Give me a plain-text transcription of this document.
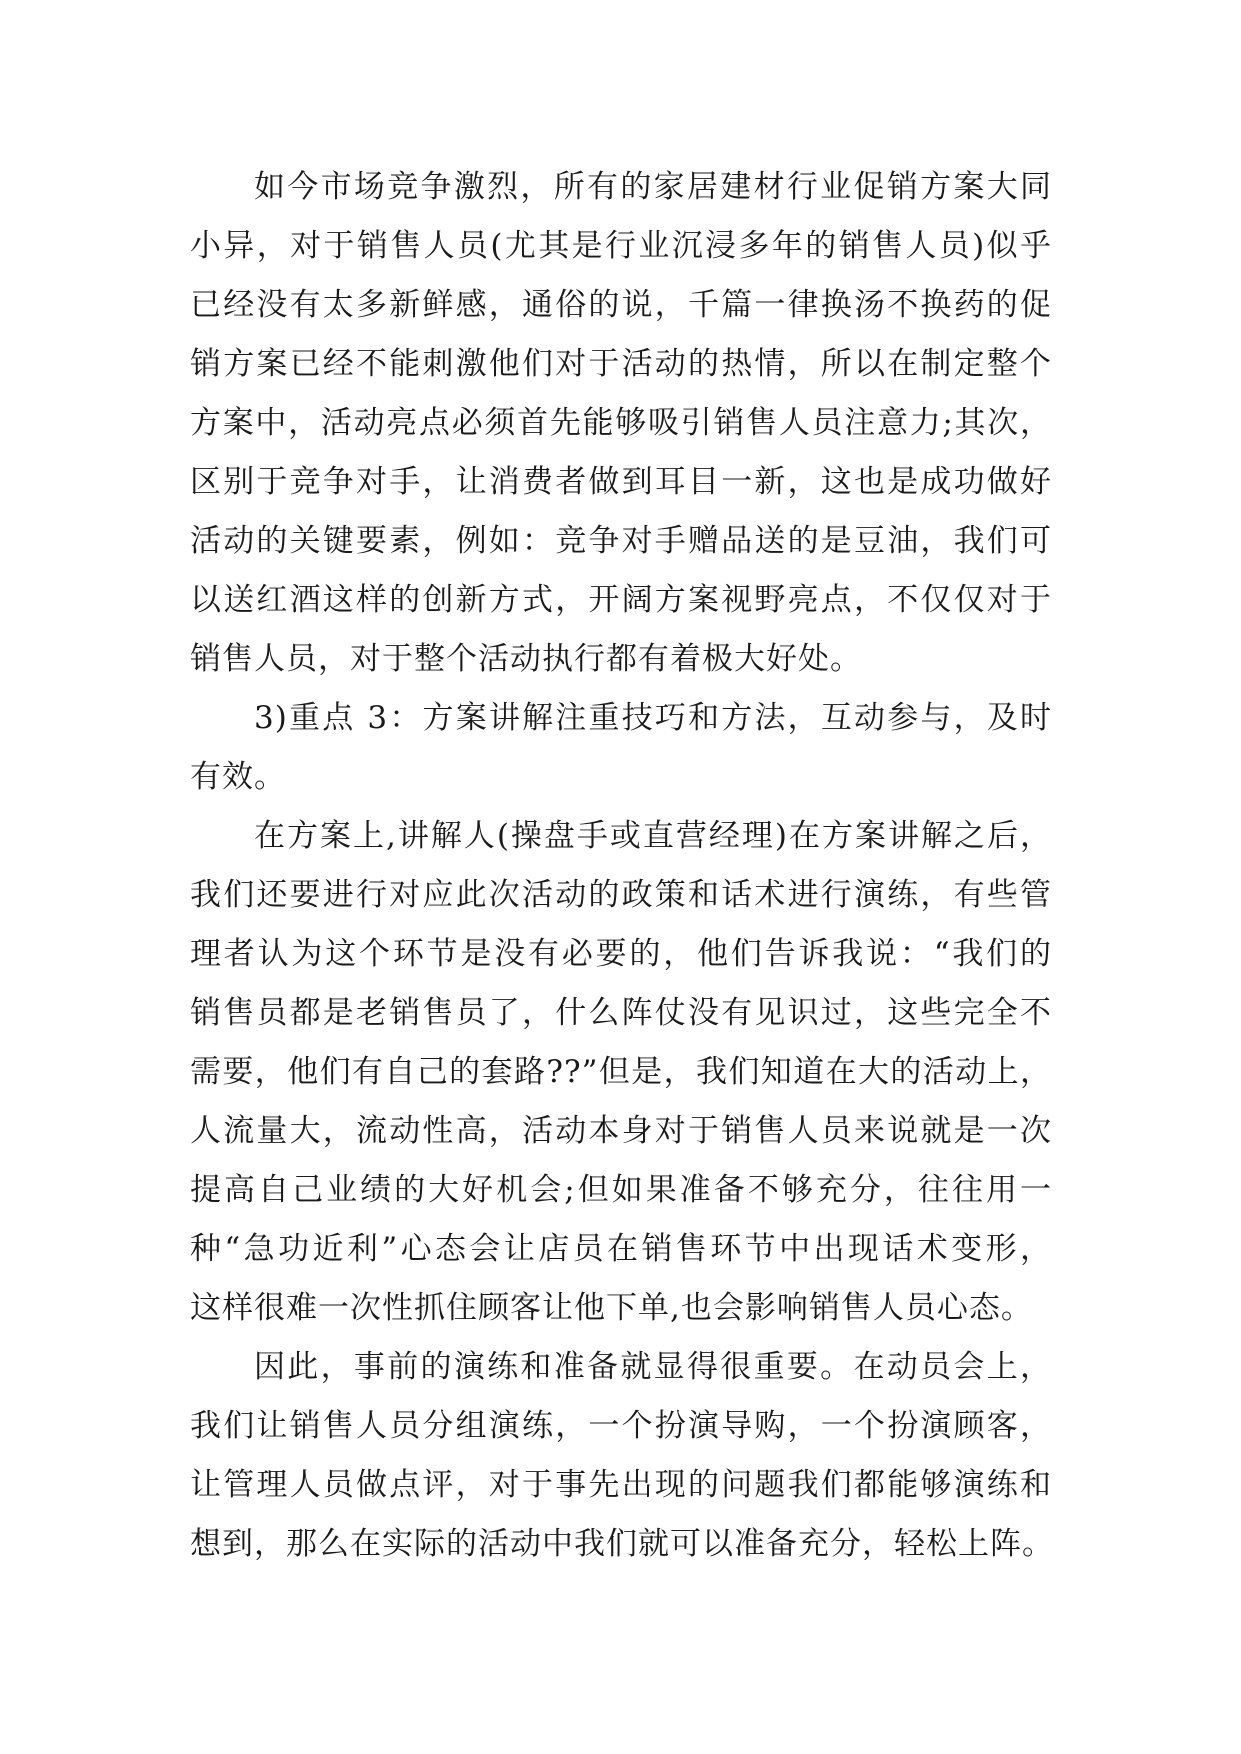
如今市场竞争激烈，所有的家居建材行业促销方案大同
小异，对于销售人员(尤其是行业沉浸多年的销售人员)似乎
已经没有太多新鲜感，通俗的说，千篇一律换汤不换药的促
销方案已经不能刺激他们对于活动的热情，所以在制定整个
方案中，活动亮点必须首先能够吸引销售人员注意力;其次，
区别于竞争对手，让消费者做到耳目一新，这也是成功做好
活动的关键要素，例如：竞争对手赠品送的是豆油，我们可
以送红酒这样的创新方式，开阔方案视野亮点，不仅仅对于
销售人员，对于整个活动执行都有着极大好处。

3)重点 3：方案讲解注重技巧和方法，互动参与，及时
有效。

在方案上,讲解人(操盘手或直营经理)在方案讲解之后，
我们还要进行对应此次活动的政策和话术进行演练，有些管
理者认为这个环节是没有必要的，他们告诉我说：“我们的
销售员都是老销售员了，什么阵仗没有见识过，这些完全不
需要，他们有自己的套路??”但是，我们知道在大的活动上，
人流量大，流动性高，活动本身对于销售人员来说就是一次
提高自己业绩的大好机会;但如果准备不够充分，往往用一
种“急功近利”心态会让店员在销售环节中出现话术变形，
这样很难一次性抓住顾客让他下单,也会影响销售人员心态。

因此，事前的演练和准备就显得很重要。在动员会上，
我们让销售人员分组演练，一个扮演导购，一个扮演顾客，
让管理人员做点评，对于事先出现的问题我们都能够演练和
想到，那么在实际的活动中我们就可以准备充分，轻松上阵。
